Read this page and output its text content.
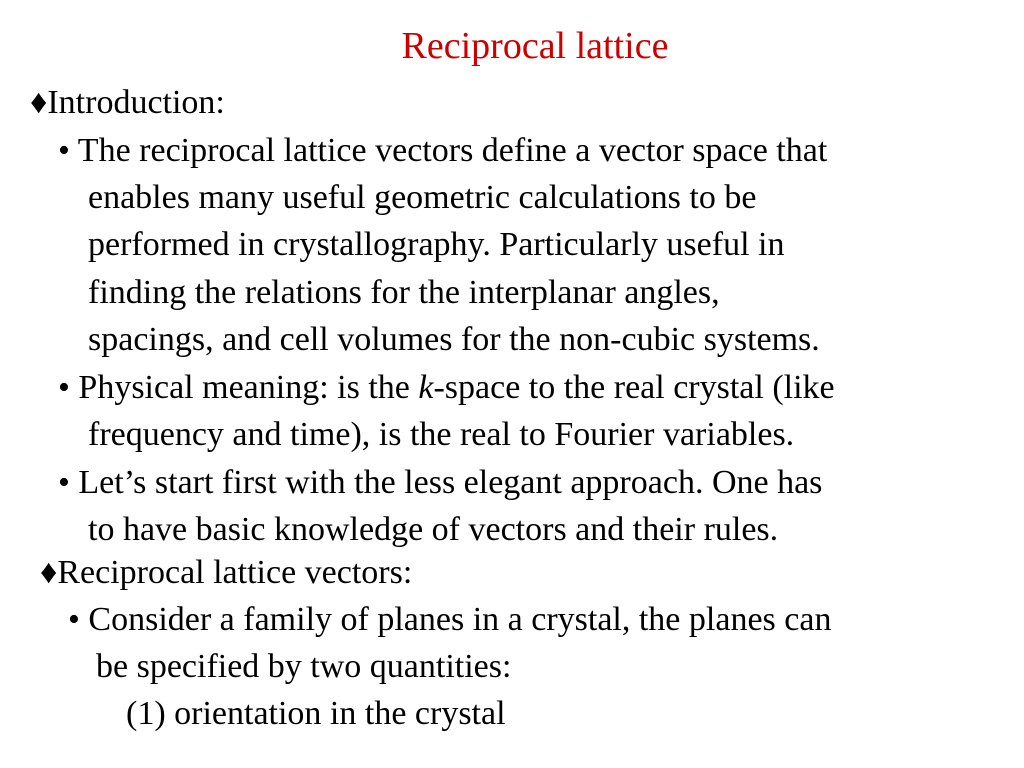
Reciprocal lattice
♦Introduction:
• The reciprocal lattice vectors define a vector space that
enables many useful geometric calculations to be
performed in crystallography. Particularly useful in
finding the relations for the interplanar angles,
spacings, and cell volumes for the non-cubic systems.
• Physical meaning: is the k-space to the real crystal (like
frequency and time), is the real to Fourier variables.
• Let’s start first with the less elegant approach. One has
to have basic knowledge of vectors and their rules.
♦Reciprocal lattice vectors:
• Consider a family of planes in a crystal, the planes can
be specified by two quantities:
(1) orientation in the crystal
